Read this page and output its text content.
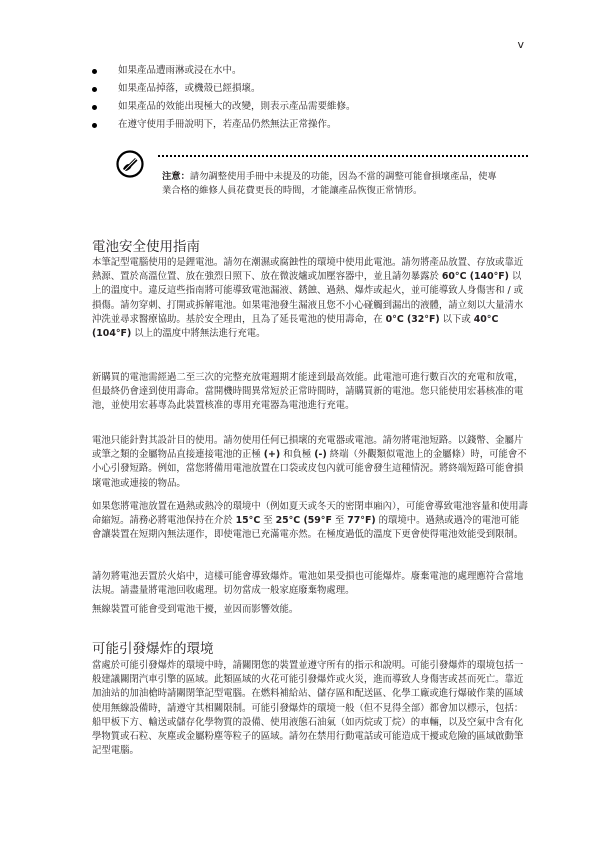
v
如果產品遭雨淋或浸在水中。
如果產品掉落，或機殼已經損壞。
如果產品的效能出現極大的改變，則表示產品需要維修。
在遵守使用手冊說明下，若產品仍然無法正常操作。
注意：請勿調整使用手冊中未提及的功能，因為不當的調整可能會損壞產品，使專業合格的維修人員花費更長的時間，才能讓產品恢復正常情形。
電池安全使用指南

本筆記型電腦使用的是鋰電池。請勿在潮濕或腐蝕性的環境中使用此電池。請勿將產品放置、存放或靠近熱源、置於高溫位置、放在強烈日照下、放在微波爐或加壓容器中，並且請勿暴露於 60°C (140°F) 以上的溫度中。違反這些指南將可能導致電池漏液、銹蝕、過熱、爆炸或起火，並可能導致人身傷害和 / 或損傷。請勿穿刺、打開或拆解電池。如果電池發生漏液且您不小心碰觸到漏出的液體，請立刻以大量清水沖洗並尋求醫療協助。基於安全理由，且為了延長電池的使用壽命，在 0°C (32°F) 以下或 40°C (104°F) 以上的溫度中將無法進行充電。

新購買的電池需經過二至三次的完整充放電週期才能達到最高效能。此電池可進行數百次的充電和放電，但最終仍會達到使用壽命。當開機時間異常短於正常時間時，請購買新的電池。您只能使用宏碁核准的電池，並使用宏碁專為此裝置核准的專用充電器為電池進行充電。

電池只能針對其設計目的使用。請勿使用任何已損壞的充電器或電池。請勿將電池短路。以錢幣、金屬片或筆之類的金屬物品直接連接電池的正極 (+) 和負極 (-) 終端（外觀類似電池上的金屬條）時，可能會不小心引發短路。例如，當您將備用電池放置在口袋或皮包內就可能會發生這種情況。將終端短路可能會損壞電池或連接的物品。

如果您將電池放置在過熱或熱冷的環境中（例如夏天或冬天的密閉車廂內），可能會導致電池容量和使用壽命縮短。請務必將電池保持在介於 15°C 至 25°C (59°F 至 77°F) 的環境中。過熱或過冷的電池可能會讓裝置在短期內無法運作，即使電池已充滿電亦然。在極度過低的溫度下更會使得電池效能受到限制。

請勿將電池丟置於火焰中，這樣可能會導致爆炸。電池如果受損也可能爆炸。廢棄電池的處理應符合當地法規。請盡量將電池回收處理。切勿當成一般家庭廢棄物處理。

無線裝置可能會受到電池干擾，並因而影響效能。

可能引發爆炸的環境

當處於可能引發爆炸的環境中時，請關閉您的裝置並遵守所有的指示和說明。可能引發爆炸的環境包括一般建議關閉汽車引擎的區域。此類區域的火花可能引發爆炸或火災，進而導致人身傷害或甚而死亡。靠近加油站的加油槍時請關閉筆記型電腦。在燃料補給站、儲存區和配送區、化學工廠或進行爆破作業的區域使用無線設備時，請遵守其相關限制。可能引發爆炸的環境一般（但不見得全部）都會加以標示，包括：船甲板下方、輸送或儲存化學物質的設備、使用液態石油氣（如丙烷或丁烷）的車輛，以及空氣中含有化學物質或石粒、灰塵或金屬粉塵等粒子的區域。請勿在禁用行動電話或可能造成干擾或危險的區域啟動筆記型電腦。
